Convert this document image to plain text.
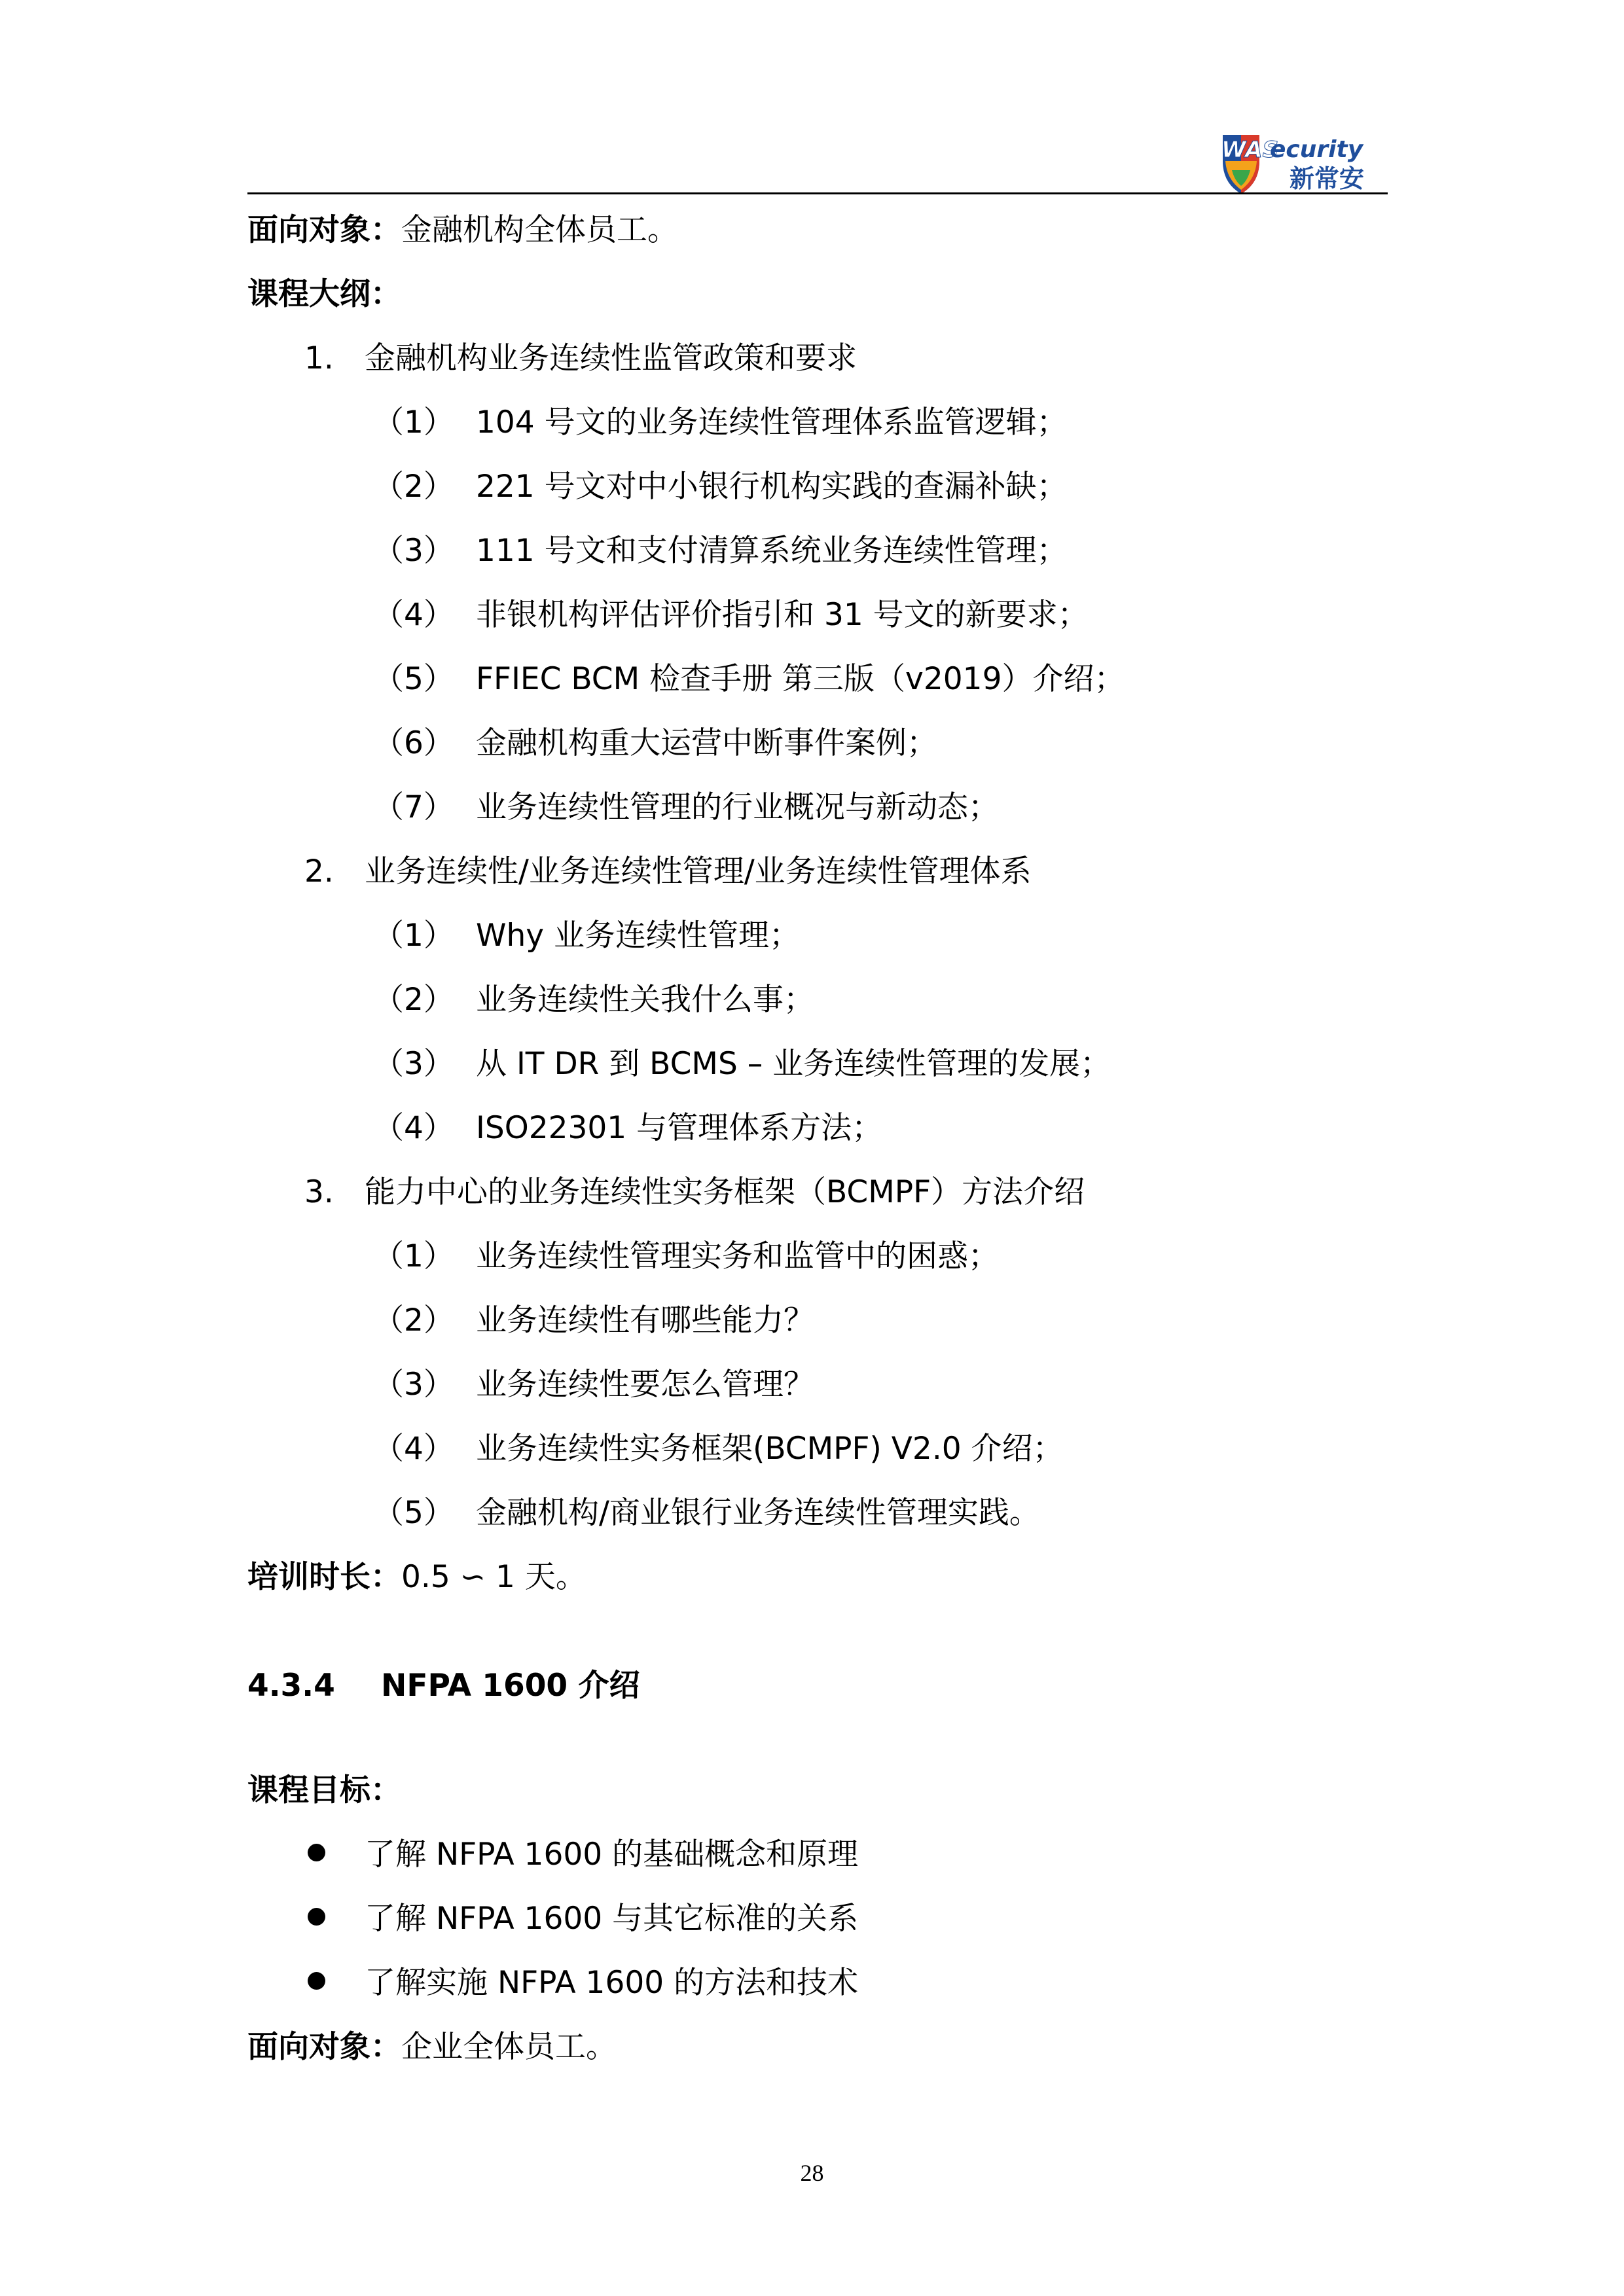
WAS
ecurity
新常安
面向对象：金融机构全体员工。
课程大纲：
1. 金融机构业务连续性监管政策和要求
（1） 104 号文的业务连续性管理体系监管逻辑；
（2） 221 号文对中小银行机构实践的查漏补缺；
（3） 111 号文和支付清算系统业务连续性管理；
（4） 非银机构评估评价指引和 31 号文的新要求；
（5） FFIEC BCM 检查手册 第三版（v2019）介绍；
（6） 金融机构重大运营中断事件案例；
（7） 业务连续性管理的行业概况与新动态；
2. 业务连续性/业务连续性管理/业务连续性管理体系
（1） Why 业务连续性管理；
（2） 业务连续性关我什么事；
（3） 从 IT DR 到 BCMS – 业务连续性管理的发展；
（4） ISO22301 与管理体系方法；
3. 能力中心的业务连续性实务框架（BCMPF）方法介绍
（1） 业务连续性管理实务和监管中的困惑；
（2） 业务连续性有哪些能力？
（3） 业务连续性要怎么管理？
（4） 业务连续性实务框架(BCMPF) V2.0 介绍；
（5） 金融机构/商业银行业务连续性管理实践。
培训时长：0.5 ∽ 1 天。
4.3.4 NFPA 1600 介绍
课程目标：
了解 NFPA 1600 的基础概念和原理
了解 NFPA 1600 与其它标准的关系
了解实施 NFPA 1600 的方法和技术
面向对象：企业全体员工。
28
